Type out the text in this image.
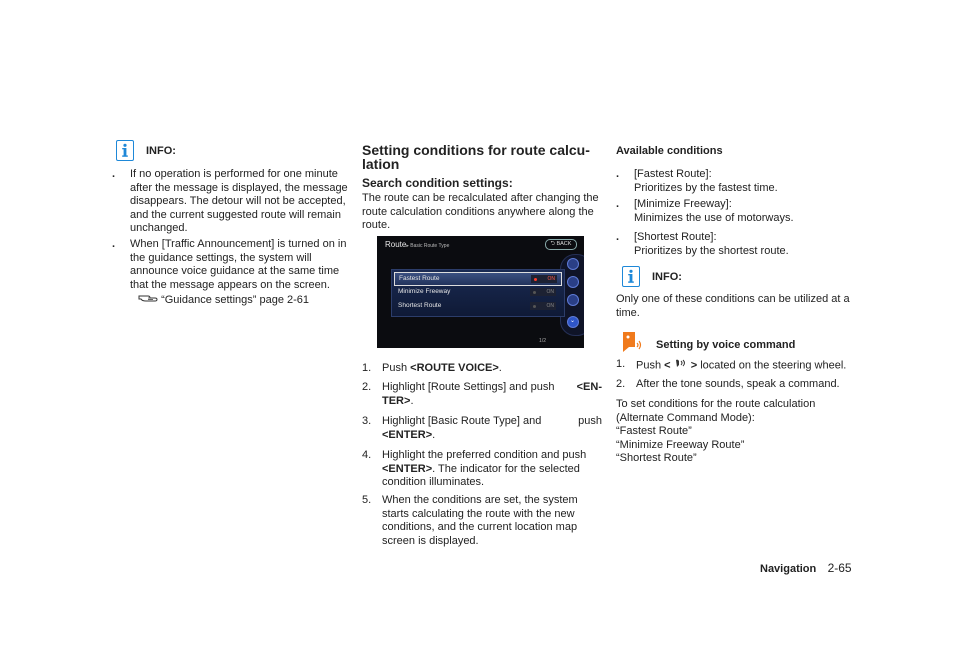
INFO:
. If no operation is performed for one minute
after the message is displayed, the message
disappears. The detour will not be accepted,
and the current suggested route will remain
unchanged.
. When [Traffic Announcement] is turned on in
the guidance settings, the system will
announce voice guidance at the same time
that the message appears on the screen.
“Guidance settings” page 2-61
Setting conditions for route calcu-
lation
Search condition settings:
The route can be recalculated after changing the
route calculation conditions anywhere along the
route.
Route▸ Basic Route Type	⮌ BACK
⌄
Fastest Route	ON
Minimize Freeway	ON
Shortest Route	ON
1/2
1. Push <ROUTE VOICE>.
2. Highlight [Route Settings] and push <EN-
TER>.
3. Highlight [Basic Route Type] and	push
<ENTER>.
4. Highlight the preferred condition and push
<ENTER>. The indicator for the selected
condition illuminates.
5. When the conditions are set, the system
starts calculating the route with the new
conditions, and the current location map
screen is displayed.
Available conditions
. [Fastest Route]:
Prioritizes by the fastest time.
. [Minimize Freeway]:
Minimizes the use of motorways.
. [Shortest Route]:
Prioritizes by the shortest route.
INFO:
Only one of these conditions can be utilized at a
time.
Setting by voice command
1. Push < > located on the steering wheel.
2. After the tone sounds, speak a command.
To set conditions for the route calculation
(Alternate Command Mode):
“Fastest Route”
“Minimize Freeway Route”
“Shortest Route”
Navigation 2-65
